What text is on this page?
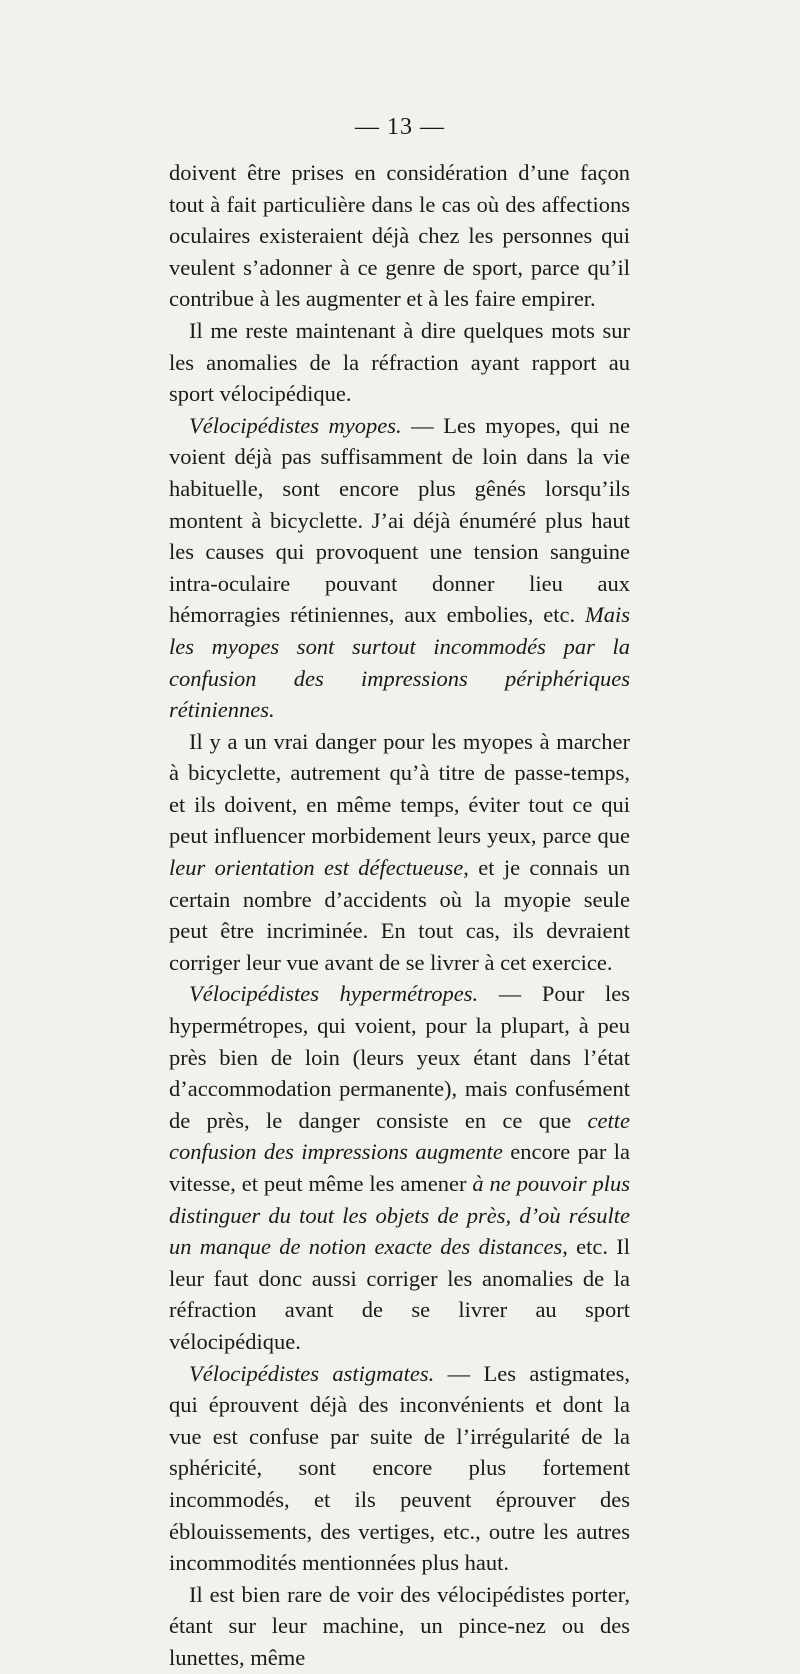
— 13 —

doivent être prises en considération d’une façon tout à fait particulière dans le cas où des affections oculaires existeraient déjà chez les personnes qui veulent s’adonner à ce genre de sport, parce qu’il contribue à les augmenter et à les faire empirer.

Il me reste maintenant à dire quelques mots sur les anomalies de la réfraction ayant rapport au sport vélocipédique.

Vélocipédistes myopes. — Les myopes, qui ne voient déjà pas suffisamment de loin dans la vie habituelle, sont encore plus gênés lorsqu’ils montent à bicyclette. J’ai déjà énuméré plus haut les causes qui provoquent une tension sanguine intra-oculaire pouvant donner lieu aux hémorragies rétiniennes, aux embolies, etc. Mais les myopes sont surtout incommodés par la confusion des impressions périphériques rétiniennes.

Il y a un vrai danger pour les myopes à marcher à bicyclette, autrement qu’à titre de passe-temps, et ils doivent, en même temps, éviter tout ce qui peut influencer morbidement leurs yeux, parce que leur orientation est défectueuse, et je connais un certain nombre d’accidents où la myopie seule peut être incriminée. En tout cas, ils devraient corriger leur vue avant de se livrer à cet exercice.

Vélocipédistes hypermétropes. — Pour les hypermétropes, qui voient, pour la plupart, à peu près bien de loin (leurs yeux étant dans l’état d’accommodation permanente), mais confusément de près, le danger consiste en ce que cette confusion des impressions augmente encore par la vitesse, et peut même les amener à ne pouvoir plus distinguer du tout les objets de près, d’où résulte un manque de notion exacte des distances, etc. Il leur faut donc aussi corriger les anomalies de la réfraction avant de se livrer au sport vélocipédique.

Vélocipédistes astigmates. — Les astigmates, qui éprouvent déjà des inconvénients et dont la vue est confuse par suite de l’irrégularité de la sphéricité, sont encore plus fortement incommodés, et ils peuvent éprouver des éblouissements, des vertiges, etc., outre les autres incommodités mentionnées plus haut.

Il est bien rare de voir des vélocipédistes porter, étant sur leur machine, un pince-nez ou des lunettes, même
